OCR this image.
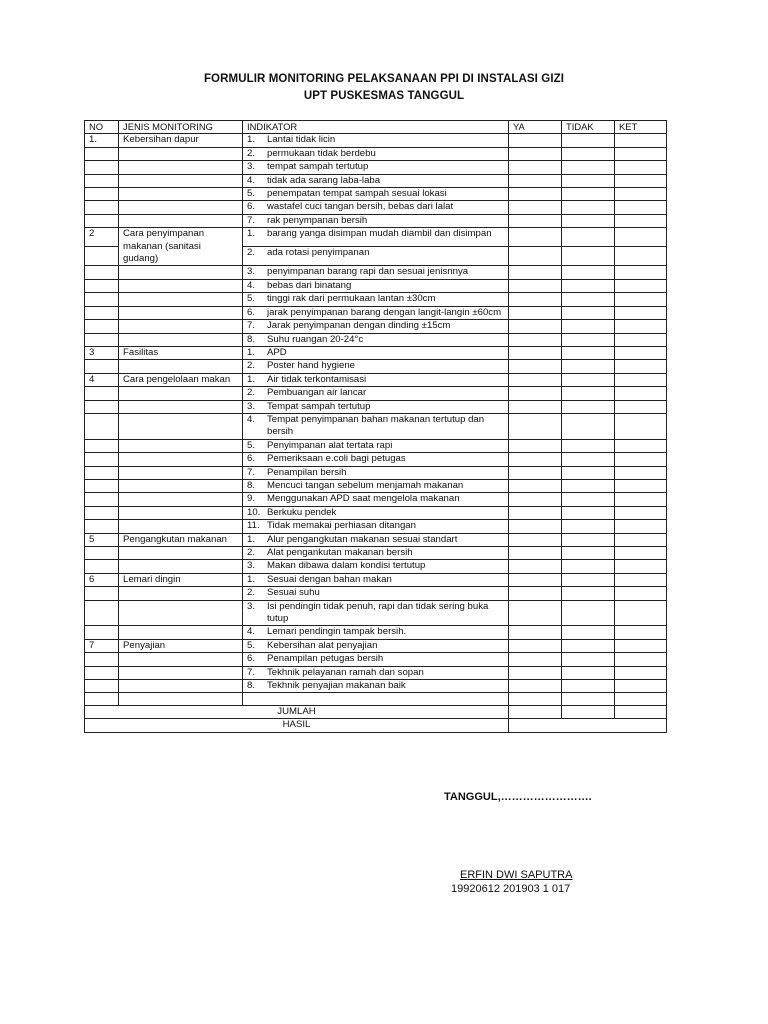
FORMULIR MONITORING PELAKSANAAN PPI DI INSTALASI GIZI
UPT PUSKESMAS TANGGUL
NO	JENIS MONITORING	INDIKATOR	YA	TIDAK	KET
1.	Kebersihan dapur	1. Lantai tidak licin			

		2. permukaan tidak berdebu			

		3. tempat sampah tertutup			

		4. tidak ada sarang laba-laba			

		5. penempatan tempat sampah sesuai lokasi			

		6. wastafel cuci tangan bersih, bebas dari lalat			

		7. rak penympanan bersih			

2	Cara penyimpanan makanan (sanitasi gudang)	1. barang yanga disimpan mudah diambil dan disimpan			

		2. ada rotasi penyimpanan			

		3. penyimpanan barang rapi dan sesuai jenisnnya			

		4. bebas dari binatang			

		5. tinggi rak dari permukaan lantan ±30cm			

		6. jarak penyimpanan barang dengan langit-langin ±60cm			

		7. Jarak penyimpanan dengan dinding ±15cm			

		8. Suhu ruangan 20-24°c			

3	Fasilitas	1. APD			

		2. Poster hand hygiene			

4	Cara pengelolaan makan	1. Air tidak terkontamisasi			

		2. Pembuangan air lancar			

		3. Tempat sampah tertutup			

		4. Tempat penyimpanan bahan makanan tertutup dan bersih			

		5. Penyimpanan alat tertata rapi			

		6. Pemeriksaan e.coli bagi petugas			

		7. Penampilan bersih			

		8. Mencuci tangan sebelum menjamah makanan			

		9. Menggunakan APD saat mengelola makanan			

		10. Berkuku pendek			

		11. Tidak memakai perhiasan ditangan			

5	Pengangkutan makanan	1. Alur pengangkutan makanan sesuai standart			

		2. Alat pengankutan makanan bersih			

		3. Makan dibawa dalam kondisi tertutup			

6	Lemari dingin	1. Sesuai dengan bahan makan			

		2. Sesuai suhu			

		3. Isi pendingin tidak penuh, rapi dan tidak sering buka tutup			

		4. Lemari pendingin tampak bersih.			

7	Penyajian	5. Kebersihan alat penyajian			

		6. Penampilan petugas bersih			

		7. Tekhnik pelayanan ramah dan sopan			

		8. Tekhnik penyajian makanan baik			

JUMLAH					
HASIL					
TANGGUL,…………………….
ERFIN DWI SAPUTRA
19920612 201903 1 017
